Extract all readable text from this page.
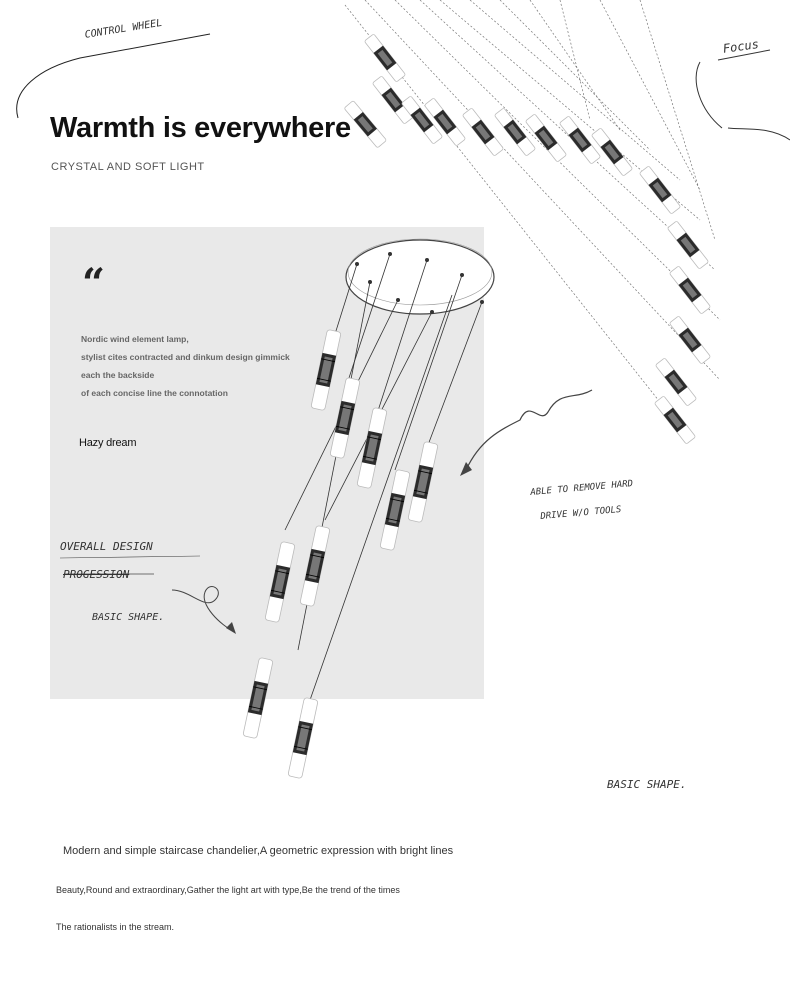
CONTROL WHEEL
Focus
ABLE TO REMOVE HARD
DRIVE W/O TOOLS
OVERALL DESIGN
PROGESSION
BASIC SHAPE.
BASIC SHAPE.
Warmth is everywhere
CRYSTAL AND SOFT LIGHT
“
Nordic wind element lamp,
stylist cites contracted and dinkum design gimmick
each the backside
of each concise line the connotation
Hazy dream
Modern and simple staircase chandelier,A geometric expression with bright lines
Beauty,Round and extraordinary,Gather the light art with type,Be the trend of the times
The rationalists in the stream.
